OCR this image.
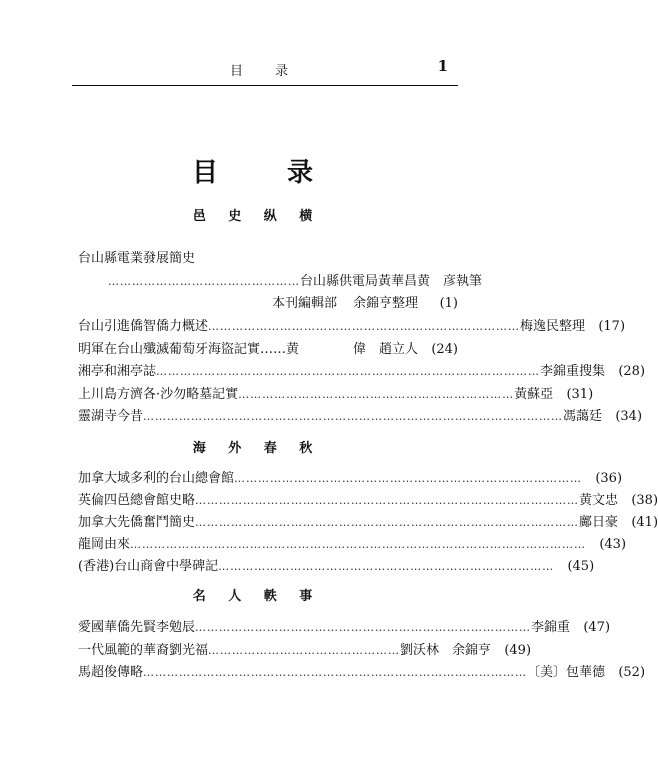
目 录	1
目 录
邑 史 纵 横
台山縣電業發展簡史
………………………………………… 台山縣供電局黃華昌 黄　彦執筆
本刊編輯部 余錦亨整理	(1)
台山引進僑智僑力概述 …………………………………………………………………… 梅逸民整理	(17)
明軍在台山殲滅葡萄牙海盜記實……黄	偉　趙立人	(24)
湘亭和湘亭誌 …………………………………………………………………………………… 李錦重搜集	(28)
上川島方濟各·沙勿略墓記實 …………………………………………………………… 黃蘇亞	(31)
靈湖寺今昔 …………………………………………………………………………………………… 馮藹廷	(34)
海 外 春 秋
加拿大域多利的台山總會館 ……………………………………………………………………………	(36)
英倫四邑總會館史略 …………………………………………………………………………………… 黄文忠	(38)
加拿大先僑奮鬥簡史 …………………………………………………………………………………… 鄺日豪	(41)
龍岡由來 ……………………………………………………………………………………………………	(43)
(香港)台山商會中學碑記 …………………………………………………………………………	(45)
名 人 軼 事
愛國華僑先賢李勉辰 ………………………………………………………………………… 李錦重	(47)
一代風範的華裔劉光福 ………………………………………… 劉沃林　余錦亨	(49)
馬超俊傳略 …………………………………………………………………………………… 〔美〕包華德	(52)
